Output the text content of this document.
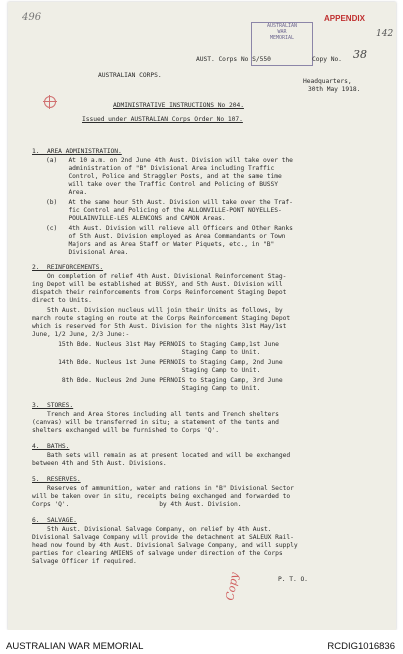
496	APPENDIX
142
AUSTRALIAN
WAR
MEMORIAL
AUST. Corps No S/550	Copy No. 38
AUSTRALIAN CORPS.
Headquarters,
30th May 1918.
ADMINISTRATIVE INSTRUCTIONS No 204.
Issued under AUSTRALIAN Corps Order No 107.
1.  AREA ADMINISTRATION.
(a)   At 10 a.m. on 2nd June 4th Aust. Division will take over the
administration of "B" Divisional Area including Traffic
Control, Police and Straggler Posts, and at the same time
will take over the Traffic Control and Policing of BUSSY
Area.
(b)   At the same hour 5th Aust. Division will take over the Traf-
fic Control and Policing of the ALLONVILLE-PONT NOYELLES-
POULAINVILLE-LES ALENCONS and CAMON Areas.
(c)   4th Aust. Division will relieve all Officers and Other Ranks
of 5th Aust. Division employed as Area Commandants or Town
Majors and as Area Staff or Water Piquets, etc., in "B"
Divisional Area.
2.  REINFORCEMENTS.
On completion of relief 4th Aust. Divisional Reinforcement Stag-
ing Depot will be established at BUSSY, and 5th Aust. Division will
dispatch their reinforcements from Corps Reinforcement Staging Depot
direct to Units.
5th Aust. Division nucleus will join their Units as follows, by
march route staging en route at the Corps Reinforcement Staging Depot
which is reserved for 5th Aust. Division for the nights 31st May/1st
June, 1/2 June, 2/3 June:-
15th Bde. Nucleus 31st May PERNOIS to Staging Camp,1st June
Staging Camp to Unit.
14th Bde. Nucleus 1st June PERNOIS to Staging Camp, 2nd June
Staging Camp to Unit.
8th Bde. Nucleus 2nd June PERNOIS to Staging Camp, 3rd June
Staging Camp to Unit.
3.  STORES.
Trench and Area Stores including all tents and Trench shelters
(canvas) will be transferred in situ; a statement of the tents and
shelters exchanged will be furnished to Corps 'Q'.
4.  BATHS.
Bath sets will remain as at present located and will be exchanged
between 4th and 5th Aust. Divisions.
5.  RESERVES.
Reserves of ammunition, water and rations in "B" Divisional Sector
will be taken over in situ, receipts being exchanged and forwarded to
Corps 'Q'.                        by 4th Aust. Division.
6.  SALVAGE.
5th Aust. Divisional Salvage Company, on relief by 4th Aust.
Divisional Salvage Company will provide the detachment at SALEUX Rail-
head now found by 4th Aust. Divisional Salvage Company, and will supply
parties for clearing AMIENS of salvage under direction of the Corps
Salvage Officer if required.
P. T. O.
Copy
AUSTRALIAN WAR MEMORIAL	RCDIG1016836
